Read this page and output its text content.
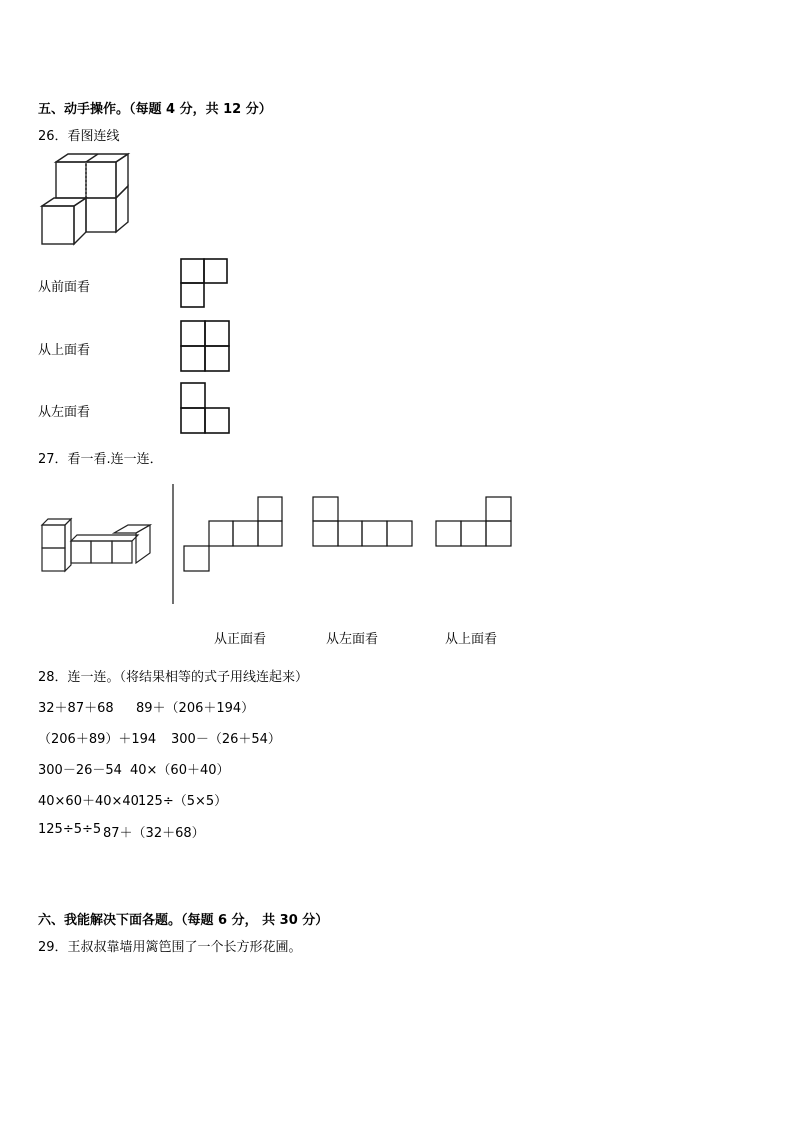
五、动手操作。（每题 4 分，共 12 分）
26．看图连线
从前面看
从上面看
从左面看
27．看一看.连一连．
从正面看	从左面看	从上面看
28．连一连。（将结果相等的式子用线连起来）
32＋87＋68 89＋（206＋194）
（206＋89）＋194 300－（26＋54）
300－26－54 40×（60＋40）
40×60＋40×40 125÷（5×5）
125÷5÷5 87＋（32＋68）
六、我能解决下面各题。（每题 6 分， 共 30 分）
29．王叔叔靠墙用篱笆围了一个长方形花圃。
